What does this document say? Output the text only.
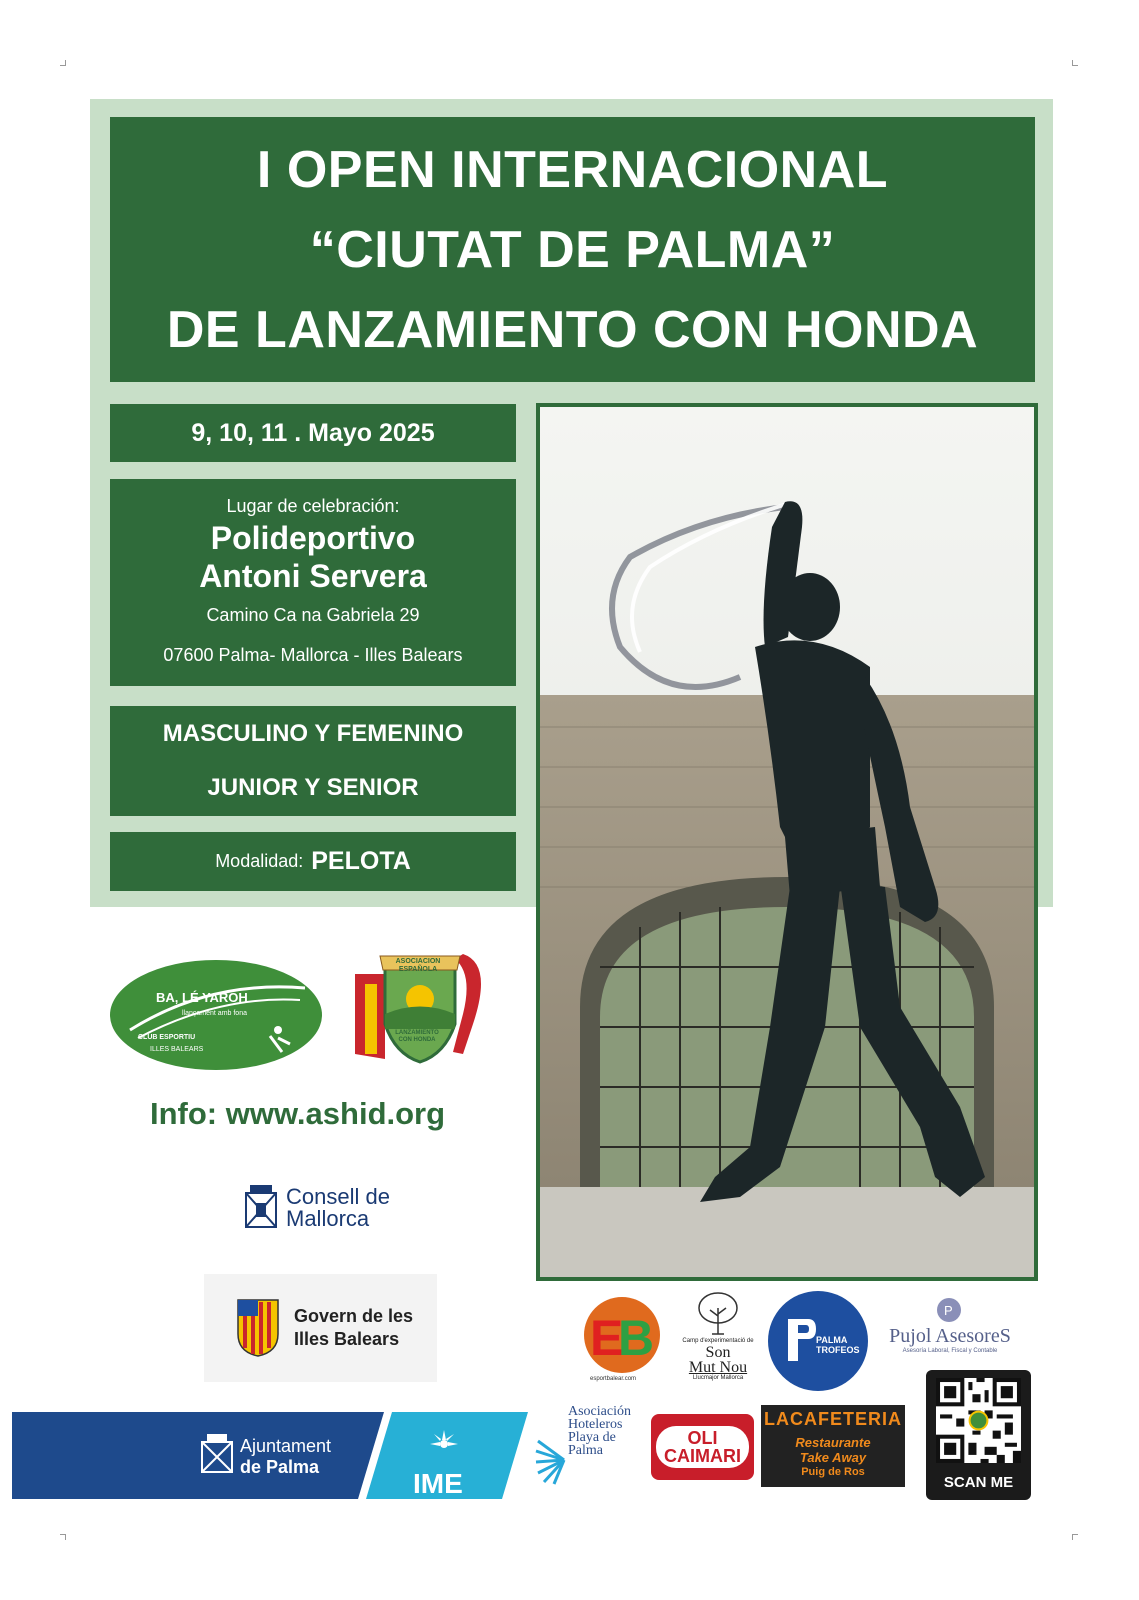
I OPEN INTERNACIONAL
“CIUTAT DE PALMA”
DE LANZAMIENTO CON HONDA
9, 10, 11 . Mayo 2025
Lugar de celebración:
Polideportivo
Antoni Servera
Camino Ca na Gabriela 29
07600 Palma- Mallorca - Illes Balears
MASCULINO Y FEMENINO
JUNIOR Y SENIOR
Modalidad: PELOTA
BA, LÉ YAROH
llançament amb fona
CLUB ESPORTIU
ILLES BALEARS
ASOCIACION ESPAÑOLA
LANZAMIENTO CON HONDA
Info: www.ashid.org
Consell de
Mallorca
Govern de les
Illes Balears
Ajuntament
de Palma
IME
E
B
esportbalear.com
Camp d'experimentació de
Son
Mut Nou
Llucmajor Mallorca
PALMA
TROFEOS
P
Pujol AsesoreS
Asesoría Laboral, Fiscal y Contable
Asociación
Hoteleros
Playa de
Palma
OLI
CAIMARI
LACAFETERIA
Restaurante
Take Away
Puig de Ros
SCAN ME
